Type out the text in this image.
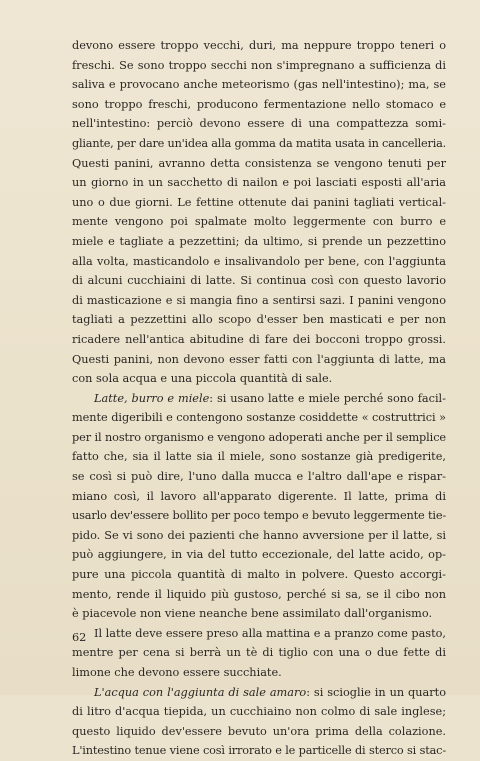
devono essere troppo vecchi, duri, ma neppure troppo teneri o
freschi. Se sono troppo secchi non s'impregnano a sufficienza di
saliva e provocano anche meteorismo (gas nell'intestino); ma, se
sono troppo freschi, producono fermentazione nello stomaco e
nell'intestino: perciò devono essere di una compattezza somi-
gliante, per dare un'idea alla gomma da matita usata in cancelleria.
Questi panini, avranno detta consistenza se vengono tenuti per
un giorno in un sacchetto di nailon e poi lasciati esposti all'aria
uno o due giorni. Le fettine ottenute dai panini tagliati vertical-
mente vengono poi spalmate molto leggermente con burro e
miele e tagliate a pezzettini; da ultimo, si prende un pezzettino
alla volta, masticandolo e insalivandolo per bene, con l'aggiunta
di alcuni cucchiaini di latte. Si continua così con questo lavorio
di masticazione e si mangia fino a sentirsi sazi. I panini vengono
tagliati a pezzettini allo scopo d'esser ben masticati e per non
ricadere nell'antica abitudine di fare dei bocconi troppo grossi.
Questi panini, non devono esser fatti con l'aggiunta di latte, ma
con sola acqua e una piccola quantità di sale.
Latte, burro e miele: si usano latte e miele perché sono facil-
mente digeribili e contengono sostanze cosiddette « costruttrici »
per il nostro organismo e vengono adoperati anche per il semplice
fatto che, sia il latte sia il miele, sono sostanze già predigerite,
se così si può dire, l'uno dalla mucca e l'altro dall'ape e rispar-
miano così, il lavoro all'apparato digerente. Il latte, prima di
usarlo dev'essere bollito per poco tempo e bevuto leggermente tie-
pido. Se vi sono dei pazienti che hanno avversione per il latte, si
può aggiungere, in via del tutto eccezionale, del latte acido, op-
pure una piccola quantità di malto in polvere. Questo accorgi-
mento, rende il liquido più gustoso, perché si sa, se il cibo non
è piacevole non viene neanche bene assimilato dall'organismo.
Il latte deve essere preso alla mattina e a pranzo come pasto,
mentre per cena si berrà un tè di tiglio con una o due fette di
limone che devono essere succhiate.
L'acqua con l'aggiunta di sale amaro: si scioglie in un quarto
di litro d'acqua tiepida, un cucchiaino non colmo di sale inglese;
questo liquido dev'essere bevuto un'ora prima della colazione.
L'intestino tenue viene così irrorato e le particelle di sterco si stac-
62
